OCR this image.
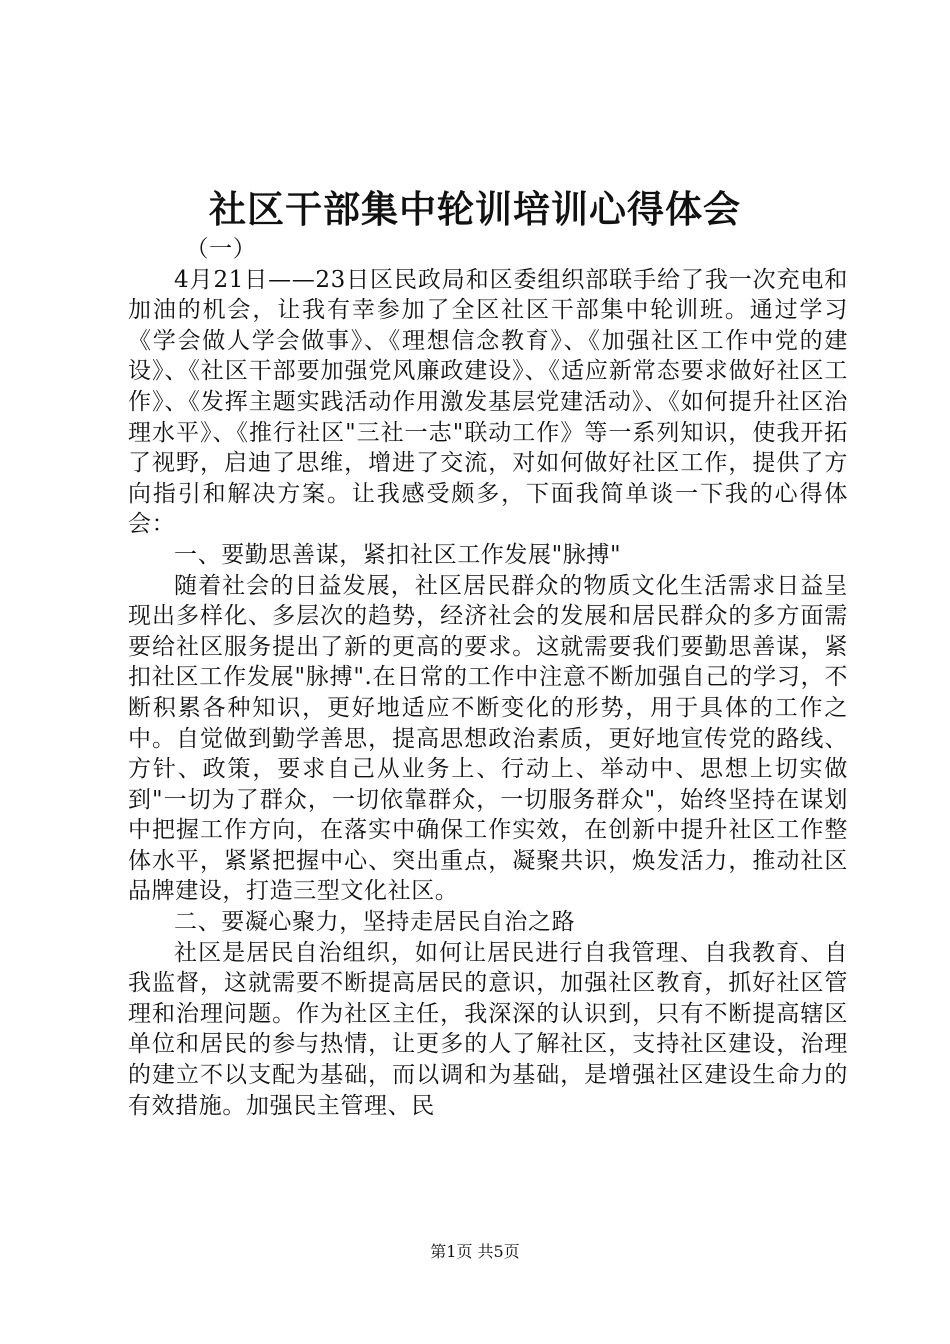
社区干部集中轮训培训心得体会

（一）

4月21日——23日区民政局和区委组织部联手给了我一次充电和加油的机会，让我有幸参加了全区社区干部集中轮训班。通过学习《学会做人学会做事》、《理想信念教育》、《加强社区工作中党的建设》、《社区干部要加强党风廉政建设》、《适应新常态要求做好社区工作》、《发挥主题实践活动作用激发基层党建活动》、《如何提升社区治理水平》、《推行社区"三社一志"联动工作》等一系列知识，使我开拓了视野，启迪了思维，增进了交流，对如何做好社区工作，提供了方向指引和解决方案。让我感受颇多，下面我简单谈一下我的心得体会：

一、要勤思善谋，紧扣社区工作发展"脉搏"

随着社会的日益发展，社区居民群众的物质文化生活需求日益呈现出多样化、多层次的趋势，经济社会的发展和居民群众的多方面需要给社区服务提出了新的更高的要求。这就需要我们要勤思善谋，紧扣社区工作发展"脉搏".在日常的工作中注意不断加强自己的学习，不断积累各种知识，更好地适应不断变化的形势，用于具体的工作之中。自觉做到勤学善思，提高思想政治素质，更好地宣传党的路线、方针、政策，要求自己从业务上、行动上、举动中、思想上切实做到"一切为了群众，一切依靠群众，一切服务群众"，始终坚持在谋划中把握工作方向，在落实中确保工作实效，在创新中提升社区工作整体水平，紧紧把握中心、突出重点，凝聚共识，焕发活力，推动社区品牌建设，打造三型文化社区。

二、要凝心聚力，坚持走居民自治之路

社区是居民自治组织，如何让居民进行自我管理、自我教育、自我监督，这就需要不断提高居民的意识，加强社区教育，抓好社区管理和治理问题。作为社区主任，我深深的认识到，只有不断提高辖区单位和居民的参与热情，让更多的人了解社区，支持社区建设，治理的建立不以支配为基础，而以调和为基础，是增强社区建设生命力的有效措施。加强民主管理、民

第1页 共5页
